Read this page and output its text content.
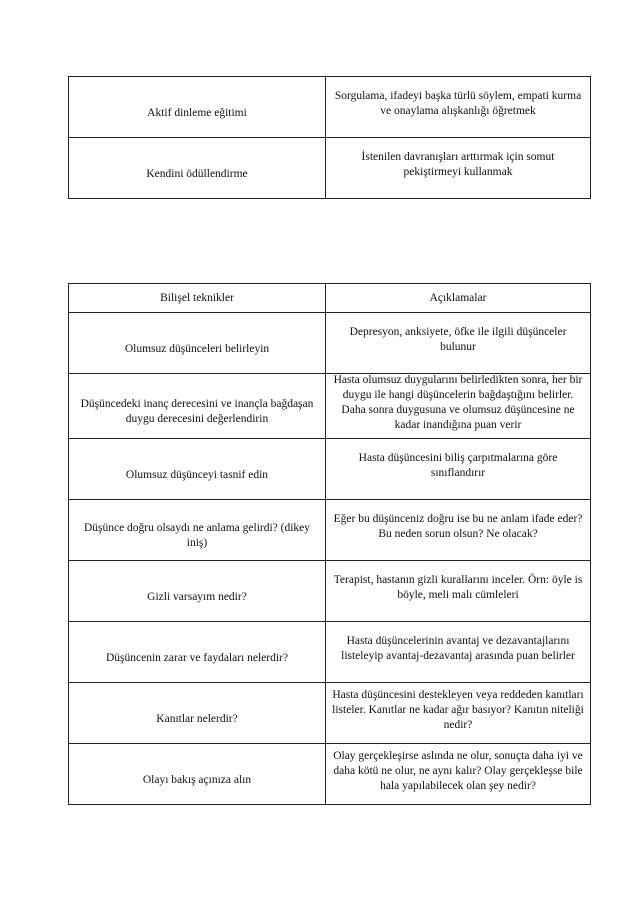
Aktif dinleme eğitimi	Sorgulama, ifadeyi başka türlü söylem, empati kurma ve onaylama alışkanlığı öğretmek
Kendini ödüllendirme	İstenilen davranışları arttırmak için somut pekiştirmeyi kullanmak
Bilişel teknikler	Açıklamalar
Olumsuz düşünceleri belirleyin	Depresyon, anksiyete, öfke ile ilgili düşünceler bulunur
Düşüncedeki inanç derecesini ve inançla bağdaşan duygu derecesini değerlendirin	Hasta olumsuz duygularını belirledikten sonra, her bir duygu ile hangi düşüncelerin bağdaştığını belirler. Daha sonra duygusuna ve olumsuz düşüncesine ne kadar inandığına puan verir
Olumsuz düşünceyi tasnif edin	Hasta düşüncesini biliş çarpıtmalarına göre sınıflandırır
Düşünce doğru olsaydı ne anlama gelirdi? (dikey iniş)	Eğer bu düşünceniz doğru ise bu ne anlam ifade eder? Bu neden sorun olsun? Ne olacak?
Gizli varsayım nedir?	Terapist, hastanın gizli kurallarını inceler. Örn: öyle is böyle, meli malı cümleleri
Düşüncenin zarar ve faydaları nelerdir?	Hasta düşüncelerinin avantaj ve dezavantajlarını listeleyip avantaj-dezavantaj arasında puan belirler
Kanıtlar nelerdir?	Hasta düşüncesini destekleyen veya reddeden kanıtları listeler. Kanıtlar ne kadar ağır basıyor? Kanıtın niteliği nedir?
Olayı bakış açınıza alın	Olay gerçekleşirse aslında ne olur, sonuçta daha iyi ve daha kötü ne olur, ne aynı kalır? Olay gerçekleşse bile hala yapılabilecek olan şey nedir?
